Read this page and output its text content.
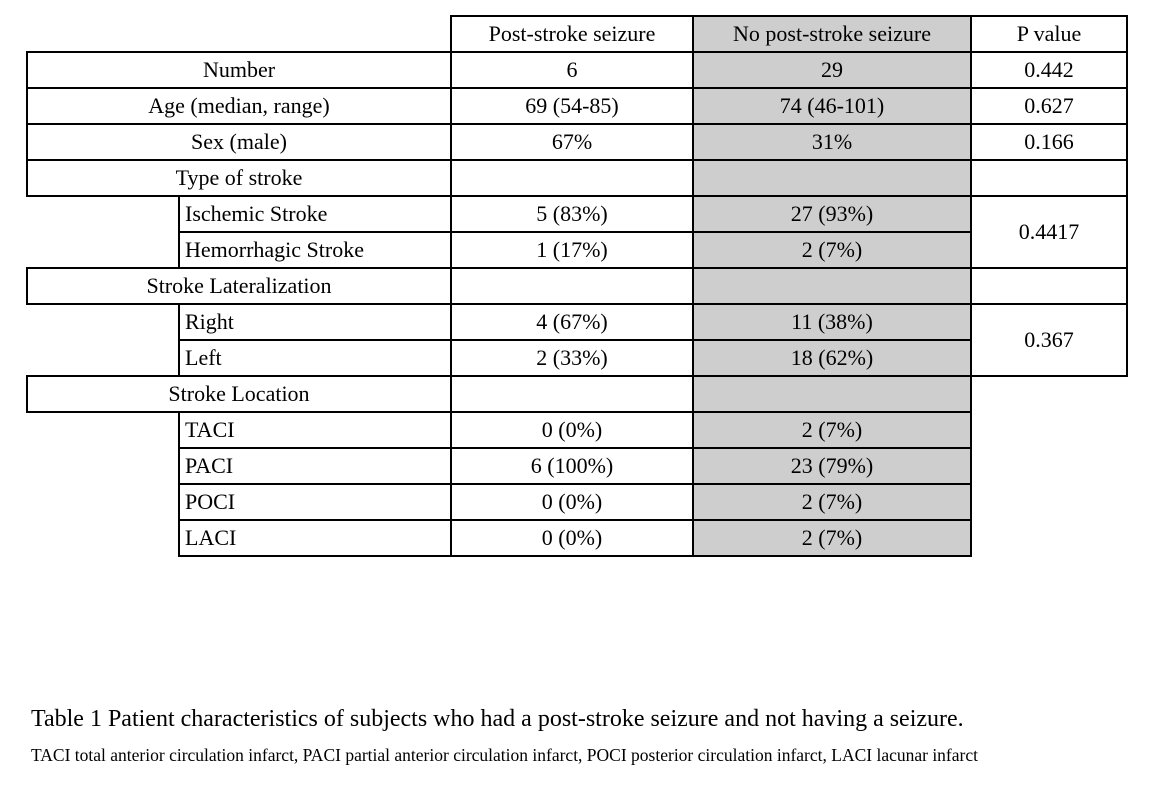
		Post-stroke seizure	No post-stroke seizure	P value
Number		6	29	0.442
Age (median, range)		69 (54-85)	74 (46-101)	0.627
Sex (male)		67%	31%	0.166
Type of stroke				
	Ischemic Stroke	5 (83%)	27 (93%)	0.4417
	Hemorrhagic Stroke	1 (17%)	2 (7%)	
Stroke Lateralization				
	Right	4 (67%)	11 (38%)	0.367
	Left	2 (33%)	18 (62%)	
Stroke Location				
	TACI	0 (0%)	2 (7%)	
	PACI	6 (100%)	23 (79%)	
	POCI	0 (0%)	2 (7%)	
	LACI	0 (0%)	2 (7%)	
Table 1 Patient characteristics of subjects who had a post-stroke seizure and not having a seizure.
TACI total anterior circulation infarct, PACI partial anterior circulation infarct, POCI posterior circulation infarct, LACI lacunar infarct
